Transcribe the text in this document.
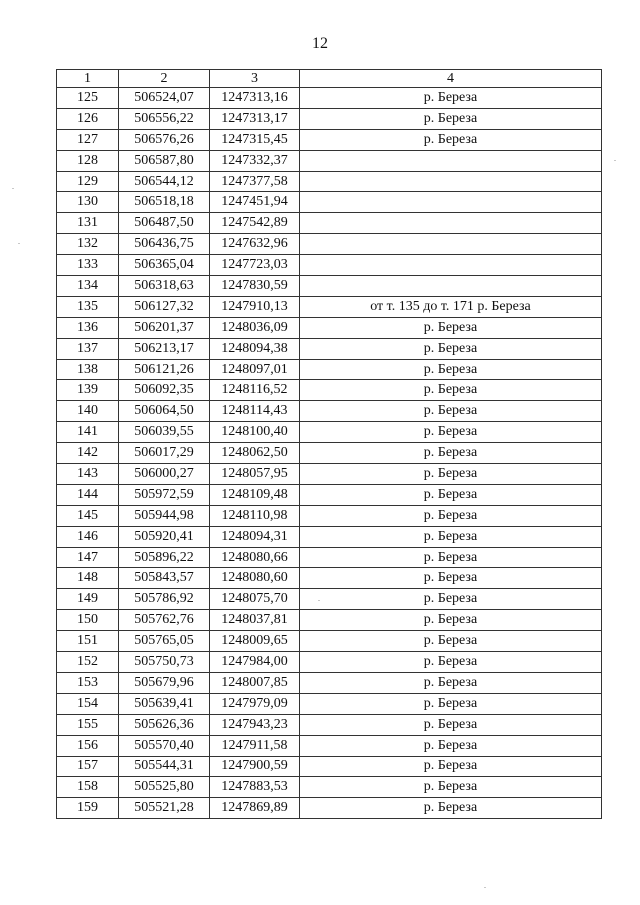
12
1	2	3	4
125	506524,07	1247313,16	р. Береза
126	506556,22	1247313,17	р. Береза
127	506576,26	1247315,45	р. Береза
128	506587,80	1247332,37	
129	506544,12	1247377,58	
130	506518,18	1247451,94	
131	506487,50	1247542,89	
132	506436,75	1247632,96	
133	506365,04	1247723,03	
134	506318,63	1247830,59	
135	506127,32	1247910,13	от т. 135 до т. 171 р. Береза
136	506201,37	1248036,09	р. Береза
137	506213,17	1248094,38	р. Береза
138	506121,26	1248097,01	р. Береза
139	506092,35	1248116,52	р. Береза
140	506064,50	1248114,43	р. Береза
141	506039,55	1248100,40	р. Береза
142	506017,29	1248062,50	р. Береза
143	506000,27	1248057,95	р. Береза
144	505972,59	1248109,48	р. Береза
145	505944,98	1248110,98	р. Береза
146	505920,41	1248094,31	р. Береза
147	505896,22	1248080,66	р. Береза
148	505843,57	1248080,60	р. Береза
149	505786,92	1248075,70	р. Береза
150	505762,76	1248037,81	р. Береза
151	505765,05	1248009,65	р. Береза
152	505750,73	1247984,00	р. Береза
153	505679,96	1248007,85	р. Береза
154	505639,41	1247979,09	р. Береза
155	505626,36	1247943,23	р. Береза
156	505570,40	1247911,58	р. Береза
157	505544,31	1247900,59	р. Береза
158	505525,80	1247883,53	р. Береза
159	505521,28	1247869,89	р. Береза
